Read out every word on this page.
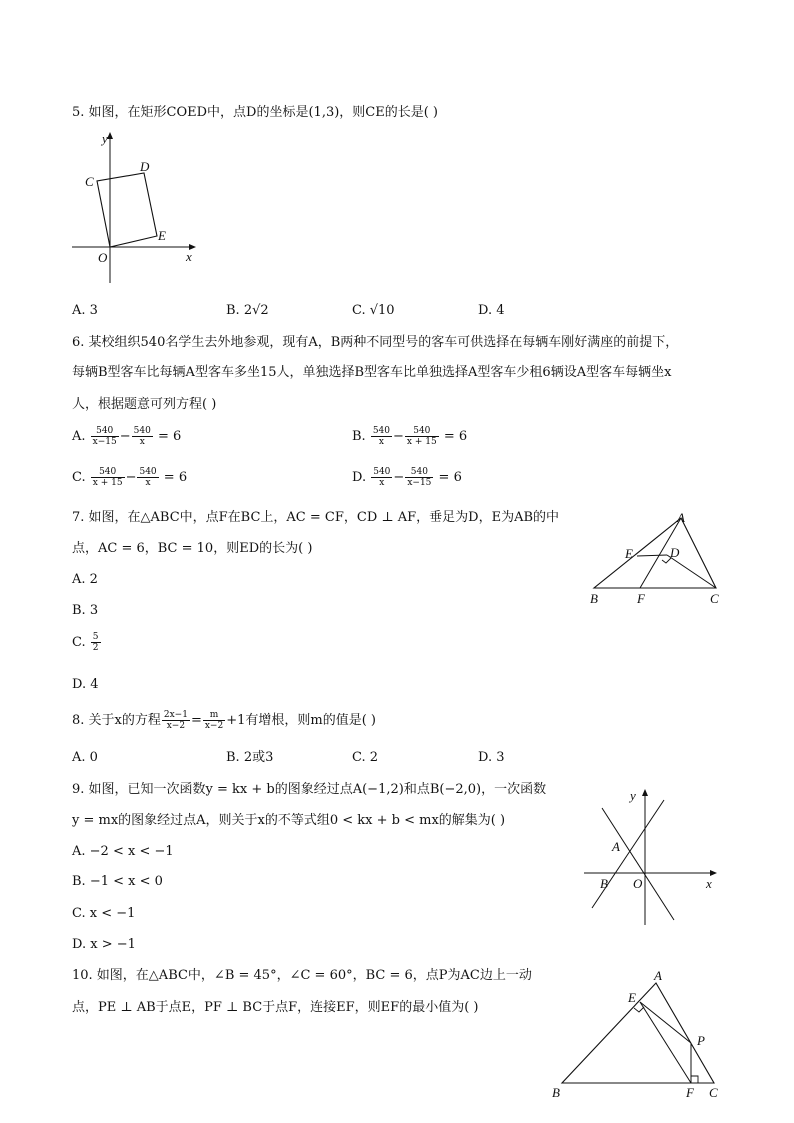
5. 如图，在矩形COED中，点D的坐标是(1,3)，则CE的长是( )
y
x
C
D
E
O
A. 3	B. 2√2	C. √10	D. 4
6. 某校组织540名学生去外地参观，现有A，B两种不同型号的客车可供选择在每辆车刚好满座的前提下，
每辆B型客车比每辆A型客车多坐15人，单独选择B型客车比单独选择A型客车少租6辆设A型客车每辆坐x
人，根据题意可列方程( )
A. $\frac{540}{x-15} - \frac{540}{x} = 6$	B. $\frac{540}{x} - \frac{540}{x + 15} = 6$
C. $\frac{540}{x + 15} - \frac{540}{x} = 6$	D. $\frac{540}{x} - \frac{540}{x-15} = 6$
7. 如图，在△ABC中，点F在BC上，AC = CF，CD ⊥ AF，垂足为D，E为AB的中
点，AC = 6，BC = 10，则ED的长为( )
A. 2
B. 3
C. $\frac{5}{2}$
D. 4
A
B	C
D
E
F
8. 关于x的方程 $\frac{2x-1}{x-2} = \frac{m}{x-2} +1$有增根，则m的值是( )
A. 0	B. 2或3	C. 2	D. 3
9. 如图，已知一次函数y = kx + b的图象经过点A(−1,2)和点B(−2,0)，一次函数
y = mx的图象经过点A，则关于x的不等式组0 < kx + b < mx的解集为( )
A. −2 < x < −1
B. −1 < x < 0
C. x < −1
D. x > −1
y
x
A
B O
10. 如图，在△ABC中，∠B = 45°，∠C = 60°，BC = 6，点P为AC边上一动
点，PE ⊥ AB于点E，PF ⊥ BC于点F，连接EF，则EF的最小值为( )
A
B	C
E
F
P
